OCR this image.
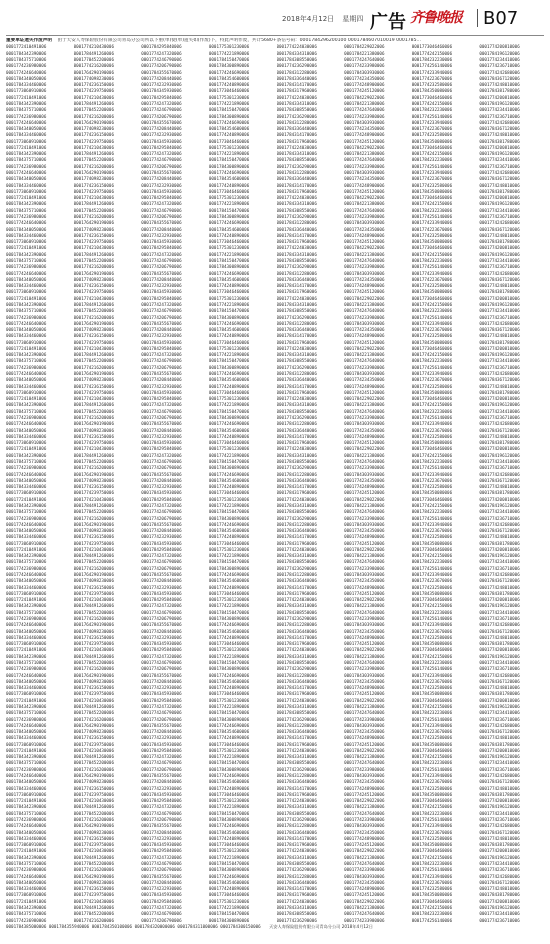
2018年4月12日 星期四 广告 齐鲁晚报	B07
重要单证遗失作废声明 由于天安人寿保险股份有限公司青岛分公司所以下重(单)使(单)遗失如(作废)下，特此声明作废，共计5680+条信号码：0001784296200100 0001784607010019 0001785...
0001772410491006	0001774210430006	0001784295840006	0001775301230006	0001774224030006	0001784229022006	0001773046460006	0001774200810006
0001784342390006	0001784491260006	0001774247320006	0001774221890006	0001784334310006	0001784221380006	0001774242150006	0001784196120006
0001784375710006	0001770452200006	0001774246790006	0001784150470006	0001784308550006	0001774247640006	0001784232230006	0001774234410006
0001774236980006	0001774216200006	0001774206790006	0001784300890006	0001774236290006	0001774233980006	0001774256140006	0001774236710006
0001774246640006	0001764290190006	0001784355670006	0001774246690006	0001784312280006	0001784303930006	0001774233940006	0001774242680006
0001784340050006	0001774098230006	0001774208440006	0001784354600006	0001784336440006	0001774234350006	0001774223670006	0001784367120006
0001784334460006	0001774236150006	0001774232930006	0001774240890006	0001784314170006	0001774248900006	0001774232580006	0001774248010006
0001773060910006	0001774239750006	0001784345930006	0001773046460006	0001784317960006	0001774245120006	0001784350080006	0001784381780006
0001772410491006	0001774210430006	0001784295840006	0001775301230006	0001774224030006	0001784229022006	0001773046460006	0001774200810006
0001784342390006	0001784491260006	0001774247320006	0001774221890006	0001784334310006	0001784221380006	0001774242150006	0001784196120006
0001784375710006	0001770452200006	0001774246790006	0001784150470006	0001784308550006	0001774247640006	0001784232230006	0001774234410006
0001774236980006	0001774216200006	0001774206790006	0001784300890006	0001774236290006	0001774233980006	0001774256140006	0001774236710006
0001774246640006	0001764290190006	0001784355670006	0001774246690006	0001784312280006	0001784303930006	0001774233940006	0001774242680006
0001784340050006	0001774098230006	0001774208440006	0001784354600006	0001784336440006	0001774234350006	0001774223670006	0001784367120006
0001784334460006	0001774236150006	0001774232930006	0001774240890006	0001784314170006	0001774248900006	0001774232580006	0001774248010006
0001773060910006	0001774239750006	0001784345930006	0001773046460006	0001784317960006	0001774245120006	0001784350080006	0001784381780006
0001772410491006	0001774210430006	0001784295840006	0001775301230006	0001774224030006	0001784229022006	0001773046460006	0001774200810006
0001784342390006	0001784491260006	0001774247320006	0001774221890006	0001784334310006	0001784221380006	0001774242150006	0001784196120006
0001784375710006	0001770452200006	0001774246790006	0001784150470006	0001784308550006	0001774247640006	0001784232230006	0001774234410006
0001774236980006	0001774216200006	0001774206790006	0001784300890006	0001774236290006	0001774233980006	0001774256140006	0001774236710006
0001774246640006	0001764290190006	0001784355670006	0001774246690006	0001784312280006	0001784303930006	0001774233940006	0001774242680006
0001784340050006	0001774098230006	0001774208440006	0001784354600006	0001784336440006	0001774234350006	0001774223670006	0001784367120006
0001784334460006	0001774236150006	0001774232930006	0001774240890006	0001784314170006	0001774248900006	0001774232580006	0001774248010006
0001773060910006	0001774239750006	0001784345930006	0001773046460006	0001784317960006	0001774245120006	0001784350080006	0001784381780006
0001772410491006	0001774210430006	0001784295840006	0001775301230006	0001774224030006	0001784229022006	0001773046460006	0001774200810006
0001784342390006	0001784491260006	0001774247320006	0001774221890006	0001784334310006	0001784221380006	0001774242150006	0001784196120006
0001784375710006	0001770452200006	0001774246790006	0001784150470006	0001784308550006	0001774247640006	0001784232230006	0001774234410006
0001774236980006	0001774216200006	0001774206790006	0001784300890006	0001774236290006	0001774233980006	0001774256140006	0001774236710006
0001774246640006	0001764290190006	0001784355670006	0001774246690006	0001784312280006	0001784303930006	0001774233940006	0001774242680006
0001784340050006	0001774098230006	0001774208440006	0001784354600006	0001784336440006	0001774234350006	0001774223670006	0001784367120006
0001784334460006	0001774236150006	0001774232930006	0001774240890006	0001784314170006	0001774248900006	0001774232580006	0001774248010006
0001773060910006	0001774239750006	0001784345930006	0001773046460006	0001784317960006	0001774245120006	0001784350080006	0001784381780006
0001772410491006	0001774210430006	0001784295840006	0001775301230006	0001774224030006	0001784229022006	0001773046460006	0001774200810006
0001784342390006	0001784491260006	0001774247320006	0001774221890006	0001784334310006	0001784221380006	0001774242150006	0001784196120006
0001784375710006	0001770452200006	0001774246790006	0001784150470006	0001784308550006	0001774247640006	0001784232230006	0001774234410006
0001774236980006	0001774216200006	0001774206790006	0001784300890006	0001774236290006	0001774233980006	0001774256140006	0001774236710006
0001774246640006	0001764290190006	0001784355670006	0001774246690006	0001784312280006	0001784303930006	0001774233940006	0001774242680006
0001784340050006	0001774098230006	0001774208440006	0001784354600006	0001784336440006	0001774234350006	0001774223670006	0001784367120006
0001784334460006	0001774236150006	0001774232930006	0001774240890006	0001784314170006	0001774248900006	0001774232580006	0001774248010006
0001773060910006	0001774239750006	0001784345930006	0001773046460006	0001784317960006	0001774245120006	0001784350080006	0001784381780006
0001772410491006	0001774210430006	0001784295840006	0001775301230006	0001774224030006	0001784229022006	0001773046460006	0001774200810006
0001784342390006	0001784491260006	0001774247320006	0001774221890006	0001784334310006	0001784221380006	0001774242150006	0001784196120006
0001784375710006	0001770452200006	0001774246790006	0001784150470006	0001784308550006	0001774247640006	0001784232230006	0001774234410006
0001774236980006	0001774216200006	0001774206790006	0001784300890006	0001774236290006	0001774233980006	0001774256140006	0001774236710006
0001774246640006	0001764290190006	0001784355670006	0001774246690006	0001784312280006	0001784303930006	0001774233940006	0001774242680006
0001784340050006	0001774098230006	0001774208440006	0001784354600006	0001784336440006	0001774234350006	0001774223670006	0001784367120006
0001784334460006	0001774236150006	0001774232930006	0001774240890006	0001784314170006	0001774248900006	0001774232580006	0001774248010006
0001773060910006	0001774239750006	0001784345930006	0001773046460006	0001784317960006	0001774245120006	0001784350080006	0001784381780006
0001772410491006	0001774210430006	0001784295840006	0001775301230006	0001774224030006	0001784229022006	0001773046460006	0001774200810006
0001784342390006	0001784491260006	0001774247320006	0001774221890006	0001784334310006	0001784221380006	0001774242150006	0001784196120006
0001784375710006	0001770452200006	0001774246790006	0001784150470006	0001784308550006	0001774247640006	0001784232230006	0001774234410006
0001774236980006	0001774216200006	0001774206790006	0001784300890006	0001774236290006	0001774233980006	0001774256140006	0001774236710006
0001774246640006	0001764290190006	0001784355670006	0001774246690006	0001784312280006	0001784303930006	0001774233940006	0001774242680006
0001784340050006	0001774098230006	0001774208440006	0001784354600006	0001784336440006	0001774234350006	0001774223670006	0001784367120006
0001784334460006	0001774236150006	0001774232930006	0001774240890006	0001784314170006	0001774248900006	0001774232580006	0001774248010006
0001773060910006	0001774239750006	0001784345930006	0001773046460006	0001784317960006	0001774245120006	0001784350080006	0001784381780006
0001772410491006	0001774210430006	0001784295840006	0001775301230006	0001774224030006	0001784229022006	0001773046460006	0001774200810006
0001784342390006	0001784491260006	0001774247320006	0001774221890006	0001784334310006	0001784221380006	0001774242150006	0001784196120006
0001784375710006	0001770452200006	0001774246790006	0001784150470006	0001784308550006	0001774247640006	0001784232230006	0001774234410006
0001774236980006	0001774216200006	0001774206790006	0001784300890006	0001774236290006	0001774233980006	0001774256140006	0001774236710006
0001774246640006	0001764290190006	0001784355670006	0001774246690006	0001784312280006	0001784303930006	0001774233940006	0001774242680006
0001784340050006	0001774098230006	0001774208440006	0001784354600006	0001784336440006	0001774234350006	0001774223670006	0001784367120006
0001784334460006	0001774236150006	0001774232930006	0001774240890006	0001784314170006	0001774248900006	0001774232580006	0001774248010006
0001773060910006	0001774239750006	0001784345930006	0001773046460006	0001784317960006	0001774245120006	0001784350080006	0001784381780006
0001772410491006	0001774210430006	0001784295840006	0001775301230006	0001774224030006	0001784229022006	0001773046460006	0001774200810006
0001784342390006	0001784491260006	0001774247320006	0001774221890006	0001784334310006	0001784221380006	0001774242150006	0001784196120006
0001784375710006	0001770452200006	0001774246790006	0001784150470006	0001784308550006	0001774247640006	0001784232230006	0001774234410006
0001774236980006	0001774216200006	0001774206790006	0001784300890006	0001774236290006	0001774233980006	0001774256140006	0001774236710006
0001774246640006	0001764290190006	0001784355670006	0001774246690006	0001784312280006	0001784303930006	0001774233940006	0001774242680006
0001784340050006	0001774098230006	0001774208440006	0001784354600006	0001784336440006	0001774234350006	0001774223670006	0001784367120006
0001784334460006	0001774236150006	0001774232930006	0001774240890006	0001784314170006	0001774248900006	0001774232580006	0001774248010006
0001773060910006	0001774239750006	0001784345930006	0001773046460006	0001784317960006	0001774245120006	0001784350080006	0001784381780006
0001772410491006	0001774210430006	0001784295840006	0001775301230006	0001774224030006	0001784229022006	0001773046460006	0001774200810006
0001784342390006	0001784491260006	0001774247320006	0001774221890006	0001784334310006	0001784221380006	0001774242150006	0001784196120006
0001784375710006	0001770452200006	0001774246790006	0001784150470006	0001784308550006	0001774247640006	0001784232230006	0001774234410006
0001774236980006	0001774216200006	0001774206790006	0001784300890006	0001774236290006	0001774233980006	0001774256140006	0001774236710006
0001774246640006	0001764290190006	0001784355670006	0001774246690006	0001784312280006	0001784303930006	0001774233940006	0001774242680006
0001784340050006	0001774098230006	0001774208440006	0001784354600006	0001784336440006	0001774234350006	0001774223670006	0001784367120006
0001784334460006	0001774236150006	0001774232930006	0001774240890006	0001784314170006	0001774248900006	0001774232580006	0001774248010006
0001773060910006	0001774239750006	0001784345930006	0001773046460006	0001784317960006	0001774245120006	0001784350080006	0001784381780006
0001772410491006	0001774210430006	0001784295840006	0001775301230006	0001774224030006	0001784229022006	0001773046460006	0001774200810006
0001784342390006	0001784491260006	0001774247320006	0001774221890006	0001784334310006	0001784221380006	0001774242150006	0001784196120006
0001784375710006	0001770452200006	0001774246790006	0001784150470006	0001784308550006	0001774247640006	0001784232230006	0001774234410006
0001774236980006	0001774216200006	0001774206790006	0001784300890006	0001774236290006	0001774233980006	0001774256140006	0001774236710006
0001774246640006	0001764290190006	0001784355670006	0001774246690006	0001784312280006	0001784303930006	0001774233940006	0001774242680006
0001784340050006	0001774098230006	0001774208440006	0001784354600006	0001784336440006	0001774234350006	0001774223670006	0001784367120006
0001784334460006	0001774236150006	0001774232930006	0001774240890006	0001784314170006	0001774248900006	0001774232580006	0001774248010006
0001773060910006	0001774239750006	0001784345930006	0001773046460006	0001784317960006	0001774245120006	0001784350080006	0001784381780006
0001772410491006	0001774210430006	0001784295840006	0001775301230006	0001774224030006	0001784229022006	0001773046460006	0001774200810006
0001784342390006	0001784491260006	0001774247320006	0001774221890006	0001784334310006	0001784221380006	0001774242150006	0001784196120006
0001784375710006	0001770452200006	0001774246790006	0001784150470006	0001784308550006	0001774247640006	0001784232230006	0001774234410006
0001774236980006	0001774216200006	0001774206790006	0001784300890006	0001774236290006	0001774233980006	0001774256140006	0001774236710006
0001774246640006	0001764290190006	0001784355670006	0001774246690006	0001784312280006	0001784303930006	0001774233940006	0001774242680006
0001784340050006	0001774098230006	0001774208440006	0001784354600006	0001784336440006	0001774234350006	0001774223670006	0001784367120006
0001784334460006	0001774236150006	0001774232930006	0001774240890006	0001784314170006	0001774248900006	0001774232580006	0001774248010006
0001773060910006	0001774239750006	0001784345930006	0001773046460006	0001784317960006	0001774245120006	0001784350080006	0001784381780006
0001772410491006	0001774210430006	0001784295840006	0001775301230006	0001774224030006	0001784229022006	0001773046460006	0001774200810006
0001784342390006	0001784491260006	0001774247320006	0001774221890006	0001784334310006	0001784221380006	0001774242150006	0001784196120006
0001784375710006	0001770452200006	0001774246790006	0001784150470006	0001784308550006	0001774247640006	0001784232230006	0001774234410006
0001774236980006	0001774216200006	0001774206790006	0001784300890006	0001774236290006	0001774233980006	0001774256140006	0001774236710006
0001774246640006	0001764290190006	0001784355670006	0001774246690006	0001784312280006	0001784303930006	0001774233940006	0001774242680006
0001784340050006	0001774098230006	0001774208440006	0001784354600006	0001784336440006	0001774234350006	0001774223670006	0001784367120006
0001784334460006	0001774236150006	0001774232930006	0001774240890006	0001784314170006	0001774248900006	0001774232580006	0001774248010006
0001773060910006	0001774239750006	0001784345930006	0001773046460006	0001784317960006	0001774245120006	0001784350080006	0001784381780006
0001772410491006	0001774210430006	0001784295840006	0001775301230006	0001774224030006	0001784229022006	0001773046460006	0001774200810006
0001784342390006	0001784491260006	0001774247320006	0001774221890006	0001784334310006	0001784221380006	0001774242150006	0001784196120006
0001784375710006	0001770452200006	0001774246790006	0001784150470006	0001784308550006	0001774247640006	0001784232230006	0001774234410006
0001774236980006	0001774216200006	0001774206790006	0001784300890006	0001774236290006	0001774233980006	0001774256140006	0001774236710006
0001774246640006	0001764290190006	0001784355670006	0001774246690006	0001784312280006	0001784303930006	0001774233940006	0001774242680006
0001784340050006	0001774098230006	0001774208440006	0001784354600006	0001784336440006	0001774234350006	0001774223670006	0001784367120006
0001784334460006	0001774236150006	0001774232930006	0001774240890006	0001784314170006	0001774248900006	0001774232580006	0001774248010006
0001773060910006	0001774239750006	0001784345930006	0001773046460006	0001784317960006	0001774245120006	0001784350080006	0001784381780006
0001772410491006	0001774210430006	0001784295840006	0001775301230006	0001774224030006	0001784229022006	0001773046460006	0001774200810006
0001784342390006	0001784491260006	0001774247320006	0001774221890006	0001784334310006	0001784221380006	0001774242150006	0001784196120006
0001784375710006	0001770452200006	0001774246790006	0001784150470006	0001784308550006	0001774247640006	0001784232230006	0001774234410006
0001774236980006	0001774216200006	0001774206790006	0001784300890006	0001774236290006	0001774233980006	0001774256140006	0001774236710006
0001774246640006	0001764290190006	0001784355670006	0001774246690006	0001784312280006	0001784303930006	0001774233940006	0001774242680006
0001784340050006	0001774098230006	0001774208440006	0001784354600006	0001784336440006	0001774234350006	0001774223670006	0001784367120006
0001784334460006	0001774236150006	0001774232930006	0001774240890006	0001784314170006	0001774248900006	0001774232580006	0001774248010006
0001773060910006	0001774239750006	0001784345930006	0001773046460006	0001784317960006	0001774245120006	0001784350080006	0001784381780006
0001772410491006	0001774210430006	0001784295840006	0001775301230006	0001774224030006	0001784229022006	0001773046460006	0001774200810006
0001784342390006	0001784491260006	0001774247320006	0001774221890006	0001784334310006	0001784221380006	0001774242150006	0001784196120006
0001784375710006	0001770452200006	0001774246790006	0001784150470006	0001784308550006	0001774247640006	0001784232230006	0001774234410006
0001774236980006	0001774216200006	0001774206790006	0001784300890006	0001774236290006	0001774233980006	0001774256140006	0001774236710006
0001774246640006	0001764290190006	0001784355670006	0001774246690006	0001784312280006	0001784303930006	0001774233940006	0001774242680006
0001784340050006	0001774098230006	0001774208440006	0001784354600006	0001784336440006	0001774234350006	0001774223670006	0001784367120006
0001784334460006	0001774236150006	0001774232930006	0001774240890006	0001784314170006	0001774248900006	0001774232580006	0001774248010006
0001773060910006	0001774239750006	0001784345930006	0001773046460006	0001784317960006	0001774245120006	0001784350080006	0001784381780006
0001772410491006	0001774210430006	0001784295840006	0001775301230006	0001774224030006	0001784229022006	0001773046460006	0001774200810006
0001784342390006	0001784491260006	0001774247320006	0001774221890006	0001784334310006	0001784221380006	0001774242150006	0001784196120006
0001784375710006	0001770452200006	0001774246790006	0001784150470006	0001784308550006	0001774247640006	0001784232230006	0001774234410006
0001774236980006	0001774216200006	0001774206790006	0001784300890006	0001774236290006	0001774233980006	0001774256140006	0001774236710006
0001774246640006	0001764290190006	0001784355670006	0001774246690006	0001784312280006	0001784303930006	0001774233940006	0001774242680006
0001784340050006	0001774098230006	0001774208440006	0001784354600006	0001784336440006	0001774234350006	0001774223670006	0001784367120006
0001784334460006	0001774236150006	0001774232930006	0001774240890006	0001784314170006	0001774248900006	0001774232580006	0001774248010006
0001773060910006	0001774239750006	0001784345930006	0001773046460006	0001784317960006	0001774245120006	0001784350080006	0001784381780006
0001772410491006	0001774210430006	0001784295840006	0001775301230006	0001774224030006	0001784229022006	0001773046460006	0001774200810006
0001784342390006	0001784491260006	0001774247320006	0001774221890006	0001784334310006	0001784221380006	0001774242150006	0001784196120006
0001784375710006	0001770452200006	0001774246790006	0001784150470006	0001784308550006	0001774247640006	0001784232230006	0001774234410006
0001774236980006	0001774216200006	0001774206790006	0001784300890006	0001774236290006	0001774233980006	0001774256140006	0001774236710006
0001784385000006 0001784355940006 0001784350100006 0001784320000006 0001784311000006 0001784300150006 天安人寿保险股份有限公司青岛分公司 2018年4月12日
